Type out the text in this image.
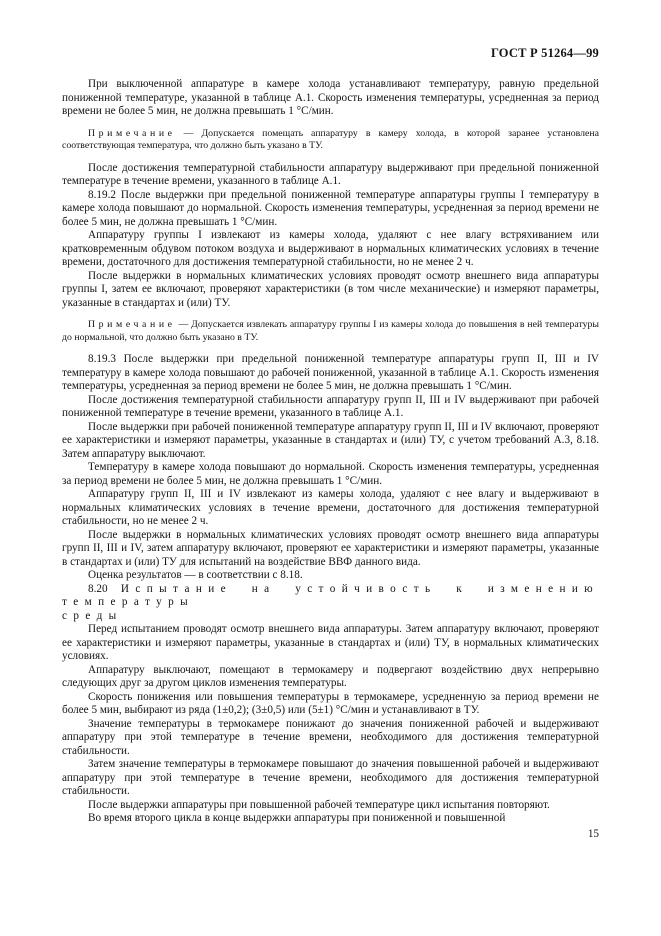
ГОСТ Р 51264—99

При выключенной аппаратуре в камере холода устанавливают температуру, равную предельной пониженной температуре, указанной в таблице А.1. Скорость изменения температуры, усредненная за период времени не более 5 мин, не должна превышать 1 °С/мин.

Примечание — Допускается помещать аппаратуру в камеру холода, в которой заранее установлена соответствующая температура, что должно быть указано в ТУ.

После достижения температурной стабильности аппаратуру выдерживают при предельной пониженной температуре в течение времени, указанного в таблице А.1.

8.19.2 После выдержки при предельной пониженной температуре аппаратуры группы I температуру в камере холода повышают до нормальной. Скорость изменения температуры, усредненная за период времени не более 5 мин, не должна превышать 1 °С/мин.

Аппаратуру группы I извлекают из камеры холода, удаляют с нее влагу встряхиванием или кратковременным обдувом потоком воздуха и выдерживают в нормальных климатических условиях в течение времени, достаточного для достижения температурной стабильности, но не менее 2 ч.

После выдержки в нормальных климатических условиях проводят осмотр внешнего вида аппаратуры группы I, затем ее включают, проверяют характеристики (в том числе механические) и измеряют параметры, указанные в стандартах и (или) ТУ.

Примечание — Допускается извлекать аппаратуру группы I из камеры холода до повышения в ней температуры до нормальной, что должно быть указано в ТУ.

8.19.3 После выдержки при предельной пониженной температуре аппаратуры групп II, III и IV температуру в камере холода повышают до рабочей пониженной, указанной в таблице А.1. Скорость изменения температуры, усредненная за период времени не более 5 мин, не должна превышать 1 °С/мин.

После достижения температурной стабильности аппаратуру групп II, III и IV выдерживают при рабочей пониженной температуре в течение времени, указанного в таблице А.1.

После выдержки при рабочей пониженной температуре аппаратуру групп II, III и IV включают, проверяют ее характеристики и измеряют параметры, указанные в стандартах и (или) ТУ, с учетом требований А.3, 8.18. Затем аппаратуру выключают.

Температуру в камере холода повышают до нормальной. Скорость изменения температуры, усредненная за период времени не более 5 мин, не должна превышать 1 °С/мин.

Аппаратуру групп II, III и IV извлекают из камеры холода, удаляют с нее влагу и выдерживают в нормальных климатических условиях в течение времени, достаточного для достижения температурной стабильности, но не менее 2 ч.

После выдержки в нормальных климатических условиях проводят осмотр внешнего вида аппаратуры групп II, III и IV, затем аппаратуру включают, проверяют ее характеристики и измеряют параметры, указанные в стандартах и (или) ТУ для испытаний на воздействие ВВФ данного вида.

Оценка результатов — в соответствии с 8.18.

8.20 Испытание на устойчивость к изменению температуры
среды

Перед испытанием проводят осмотр внешнего вида аппаратуры. Затем аппаратуру включают, проверяют ее характеристики и измеряют параметры, указанные в стандартах и (или) ТУ, в нормальных климатических условиях.

Аппаратуру выключают, помещают в термокамеру и подвергают воздействию двух непрерывно следующих друг за другом циклов изменения температуры.

Скорость понижения или повышения температуры в термокамере, усредненную за период времени не более 5 мин, выбирают из ряда (1±0,2); (3±0,5) или (5±1) °С/мин и устанавливают в ТУ.

Значение температуры в термокамере понижают до значения пониженной рабочей и выдерживают аппаратуру при этой температуре в течение времени, необходимого для достижения температурной стабильности.

Затем значение температуры в термокамере повышают до значения повышенной рабочей и выдерживают аппаратуру при этой температуре в течение времени, необходимого для достижения температурной стабильности.

После выдержки аппаратуры при повышенной рабочей температуре цикл испытания повторяют.

Во время второго цикла в конце выдержки аппаратуры при пониженной и повышенной

15
